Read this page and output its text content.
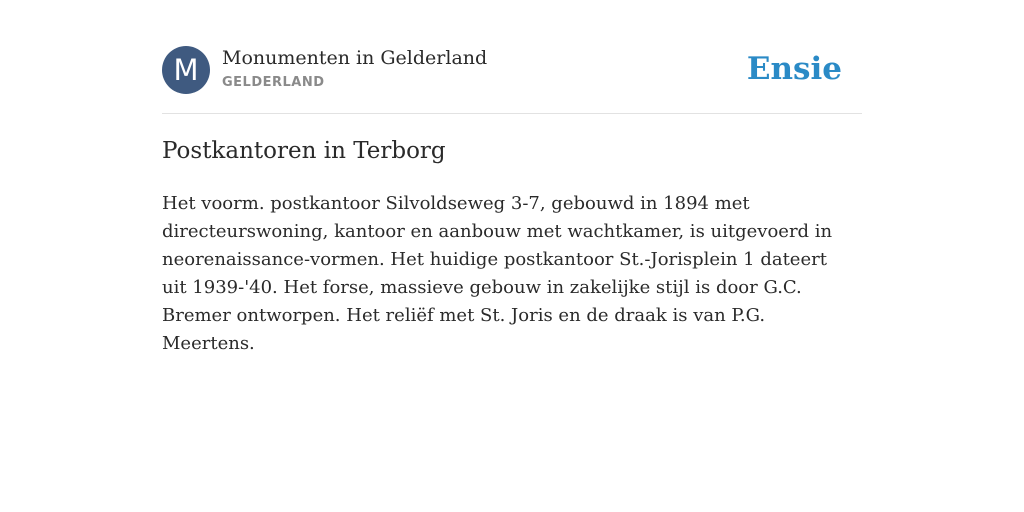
M	Monumenten in Gelderland
GELDERLAND	Ensie
Postkantoren in Terborg

Het voorm. postkantoor Silvoldseweg 3-7, gebouwd in 1894 met directeurswoning, kantoor en aanbouw met wachtkamer, is uitgevoerd in neorenaissance-vormen. Het huidige postkantoor St.-Jorisplein 1 dateert uit 1939-'40. Het forse, massieve gebouw in zakelijke stijl is door G.C. Bremer ontworpen. Het reliëf met St. Joris en de draak is van P.G. Meertens.
